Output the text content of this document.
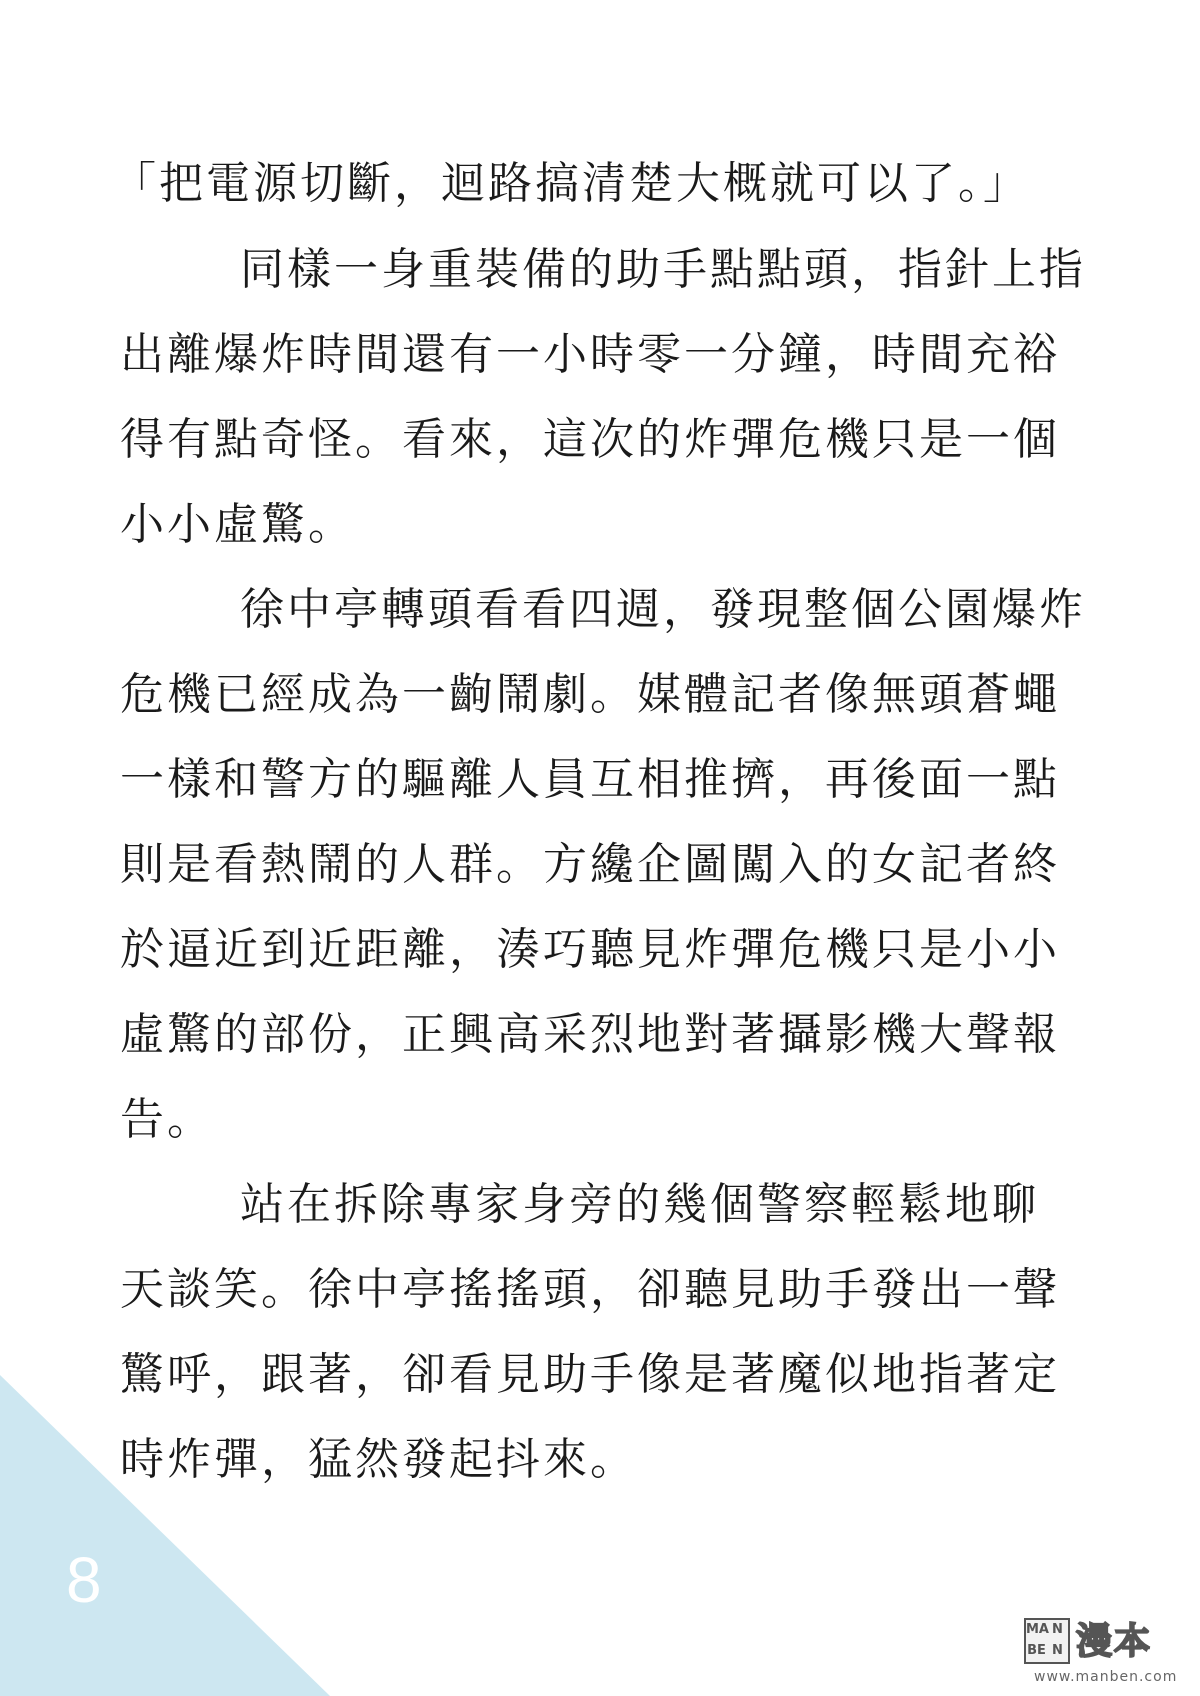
「把電源切斷，迴路搞清楚大概就可以了。」
同樣一身重裝備的助手點點頭，指針上指
出離爆炸時間還有一小時零一分鐘，時間充裕
得有點奇怪。看來，這次的炸彈危機只是一個
小小虛驚。
徐中亭轉頭看看四週，發現整個公園爆炸
危機已經成為一齣鬧劇。媒體記者像無頭蒼蠅
一樣和警方的驅離人員互相推擠，再後面一點
則是看熱鬧的人群。方纔企圖闖入的女記者終
於逼近到近距離，湊巧聽見炸彈危機只是小小
虛驚的部份，正興高采烈地對著攝影機大聲報
告。
站在拆除專家身旁的幾個警察輕鬆地聊
天談笑。徐中亭搖搖頭，卻聽見助手發出一聲
驚呼，跟著，卻看見助手像是著魔似地指著定
時炸彈，猛然發起抖來。
8
MA N
BE N 漫本
www.manben.com
